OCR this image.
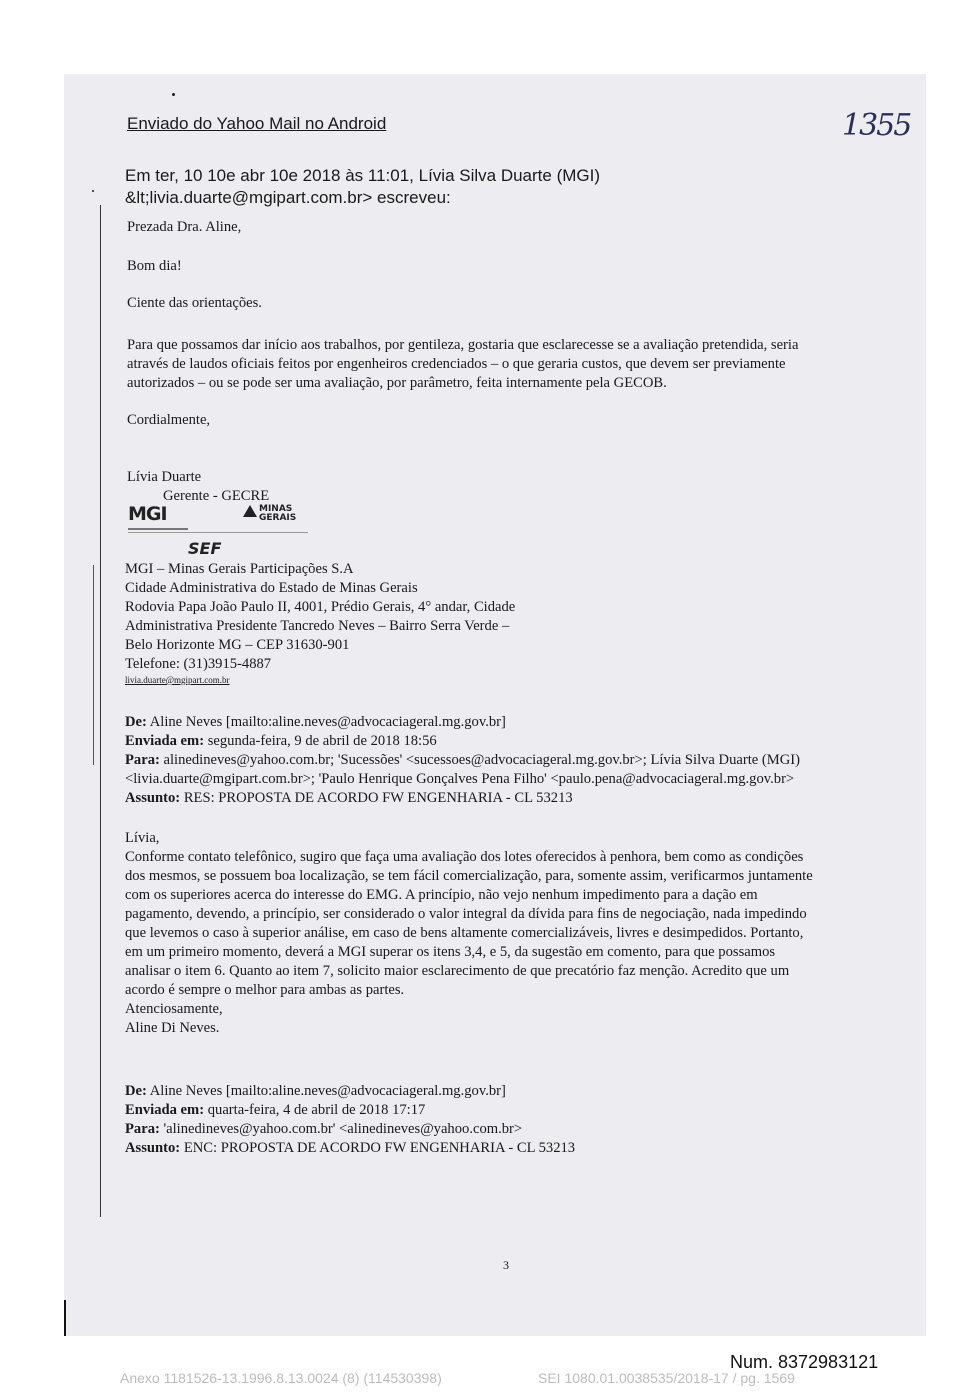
Enviado do Yahoo Mail no Android	1355
Em ter, 10 10e abr 10e 2018 às 11:01, Lívia Silva Duarte (MGI)
&lt;livia.duarte@mgipart.com.br> escreveu:
Prezada Dra. Aline,
Bom dia!
Ciente das orientações.
Para que possamos dar início aos trabalhos, por gentileza, gostaria que esclarecesse se a avaliação pretendida, seria
através de laudos oficiais feitos por engenheiros credenciados – o que geraria custos, que devem ser previamente
autorizados – ou se pode ser uma avaliação, por parâmetro, feita internamente pela GECOB.
Cordialmente,
Lívia Duarte
Gerente - GECRE
MGI	MINAS
GERAIS
SEF
MGI – Minas Gerais Participações S.A
Cidade Administrativa do Estado de Minas Gerais
Rodovia Papa João Paulo II, 4001, Prédio Gerais, 4° andar, Cidade
Administrativa Presidente Tancredo Neves – Bairro Serra Verde –
Belo Horizonte MG – CEP 31630-901
Telefone: (31)3915-4887
livia.duarte@mgipart.com.br
De: Aline Neves [mailto:aline.neves@advocaciageral.mg.gov.br]
Enviada em: segunda-feira, 9 de abril de 2018 18:56
Para: alinedineves@yahoo.com.br; 'Sucessões' <sucessoes@advocaciageral.mg.gov.br>; Lívia Silva Duarte (MGI)
<livia.duarte@mgipart.com.br>; 'Paulo Henrique Gonçalves Pena Filho' <paulo.pena@advocaciageral.mg.gov.br>
Assunto: RES: PROPOSTA DE ACORDO FW ENGENHARIA - CL 53213
Lívia,
Conforme contato telefônico, sugiro que faça uma avaliação dos lotes oferecidos à penhora, bem como as condições
dos mesmos, se possuem boa localização, se tem fácil comercialização, para, somente assim, verificarmos juntamente
com os superiores acerca do interesse do EMG. A princípio, não vejo nenhum impedimento para a dação em
pagamento, devendo, a princípio, ser considerado o valor integral da dívida para fins de negociação, nada impedindo
que levemos o caso à superior análise, em caso de bens altamente comercializáveis, livres e desimpedidos. Portanto,
em um primeiro momento, deverá a MGI superar os itens 3,4, e 5, da sugestão em comento, para que possamos
analisar o item 6. Quanto ao item 7, solicito maior esclarecimento de que precatório faz menção. Acredito que um
acordo é sempre o melhor para ambas as partes.
Atenciosamente,
Aline Di Neves.
De: Aline Neves [mailto:aline.neves@advocaciageral.mg.gov.br]
Enviada em: quarta-feira, 4 de abril de 2018 17:17
Para: 'alinedineves@yahoo.com.br' <alinedineves@yahoo.com.br>
Assunto: ENC: PROPOSTA DE ACORDO FW ENGENHARIA - CL 53213
3
Num. 8372983121
Anexo 1181526-13.1996.8.13.0024 (8) (114530398)	SEI 1080.01.0038535/2018-17 / pg. 1569
